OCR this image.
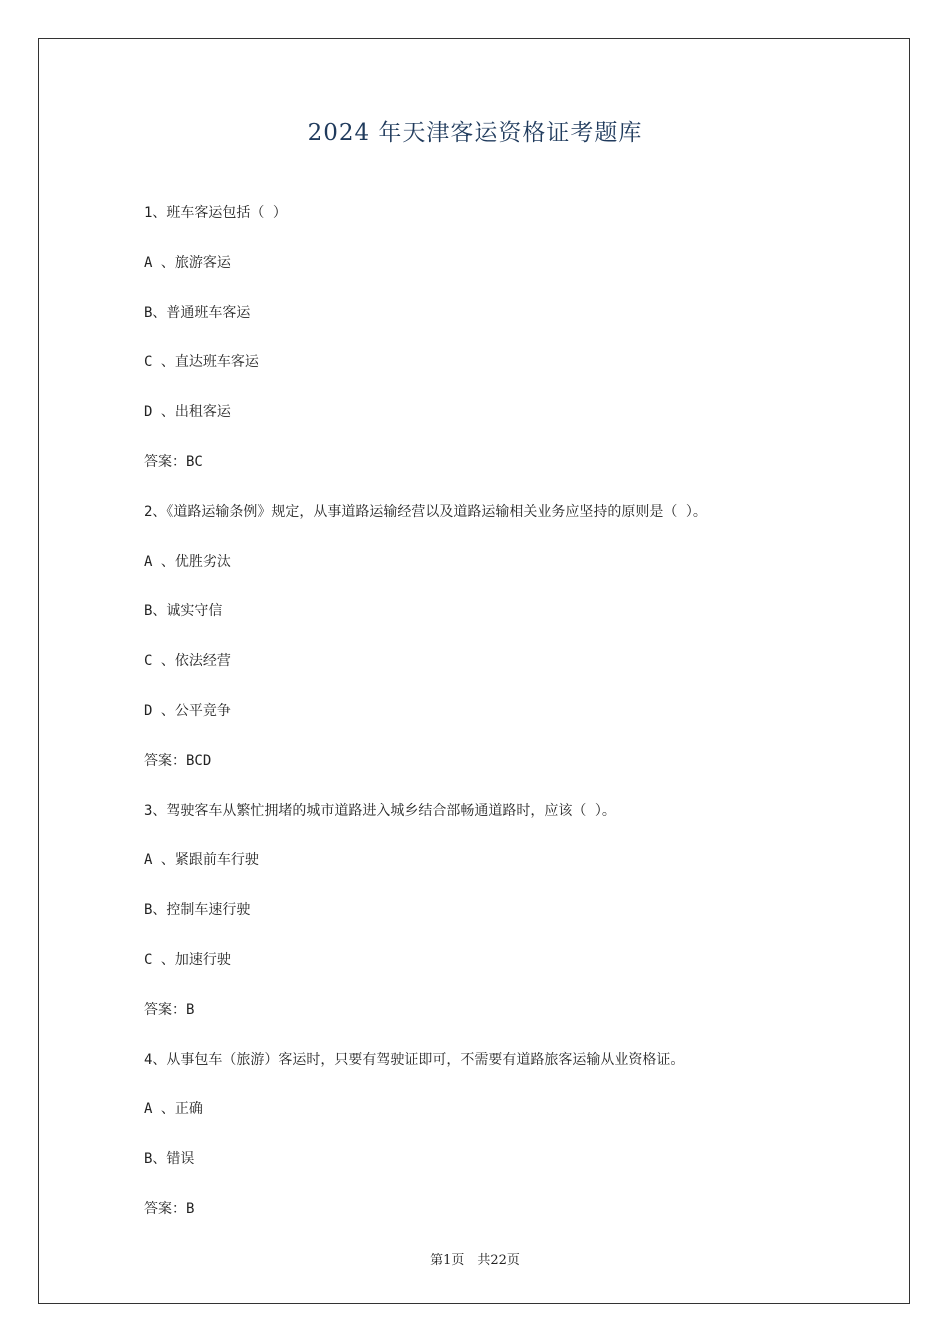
2024 年天津客运资格证考题库
1、班车客运包括（ ）
A 、旅游客运
B、普通班车客运
C 、直达班车客运
D 、出租客运
答案：BC
2、《道路运输条例》规定，从事道路运输经营以及道路运输相关业务应坚持的原则是（ ）。
A 、优胜劣汰
B、诚实守信
C 、依法经营
D 、公平竞争
答案：BCD
3、驾驶客车从繁忙拥堵的城市道路进入城乡结合部畅通道路时，应该（ ）。
A 、紧跟前车行驶
B、控制车速行驶
C 、加速行驶
答案：B
4、从事包车（旅游）客运时，只要有驾驶证即可，不需要有道路旅客运输从业资格证。
A 、正确
B、错误
答案：B
第1页　共22页
